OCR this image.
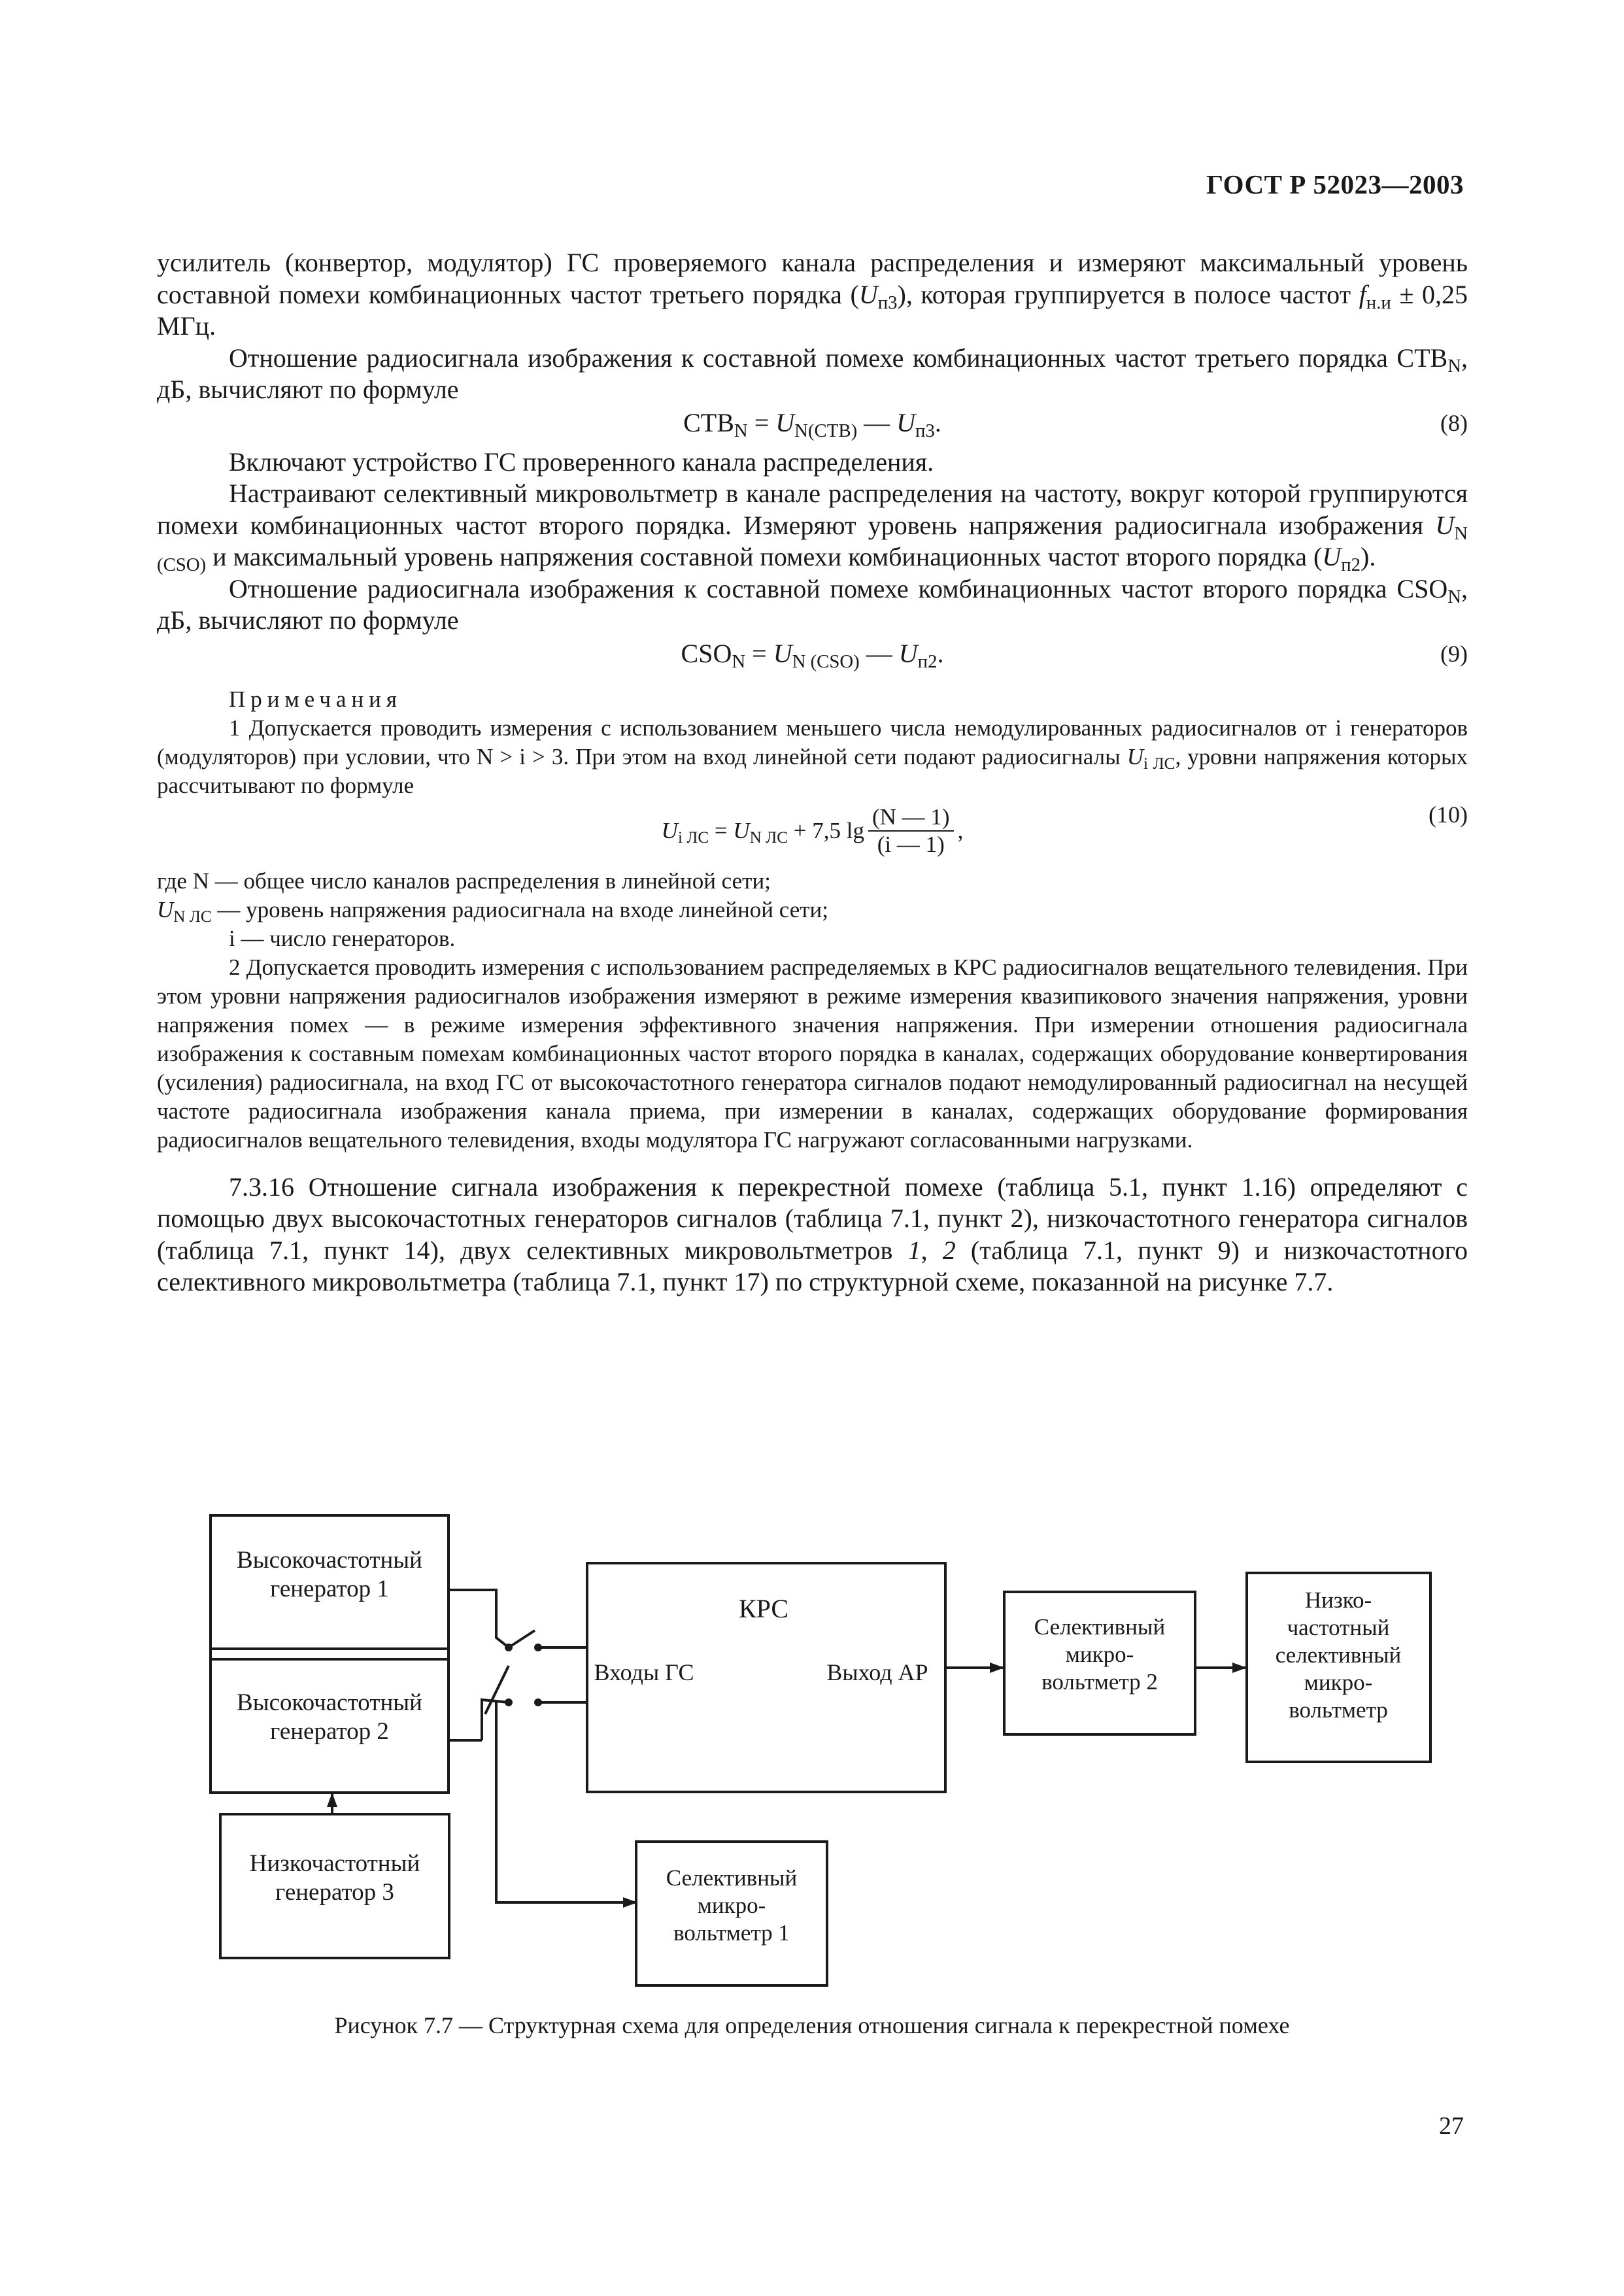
ГОСТ Р 52023—2003

усилитель (конвертор, модулятор) ГС проверяемого канала распределения и измеряют максимальный уровень составной помехи комбинационных частот третьего порядка $(U_{п3})$, которая группируется в полосе частот $f_{н.и} \pm 0,25$ МГц.

Отношение радиосигнала изображения к составной помехе комбинационных частот третьего порядка $СТВ_N$, дБ, вычисляют по формуле

$СТВ_N = U_{N(СТВ)}$ — $U_{п3}$.	(8)

Включают устройство ГС проверенного канала распределения.

Настраивают селективный микровольтметр в канале распределения на частоту, вокруг которой группируются помехи комбинационных частот второго порядка. Измеряют уровень напряжения радиосигнала изображения $U_{N (CSO)}$ и максимальный уровень напряжения составной помехи комбинационных частот второго порядка $(U_{п2})$.

Отношение радиосигнала изображения к составной помехе комбинационных частот второго порядка $CSO_N$, дБ, вычисляют по формуле

$CSO_N = U_{N (CSO)}$ — $U_{п2}$.	(9)

Примечания

1 Допускается проводить измерения с использованием меньшего числа немодулированных радиосигналов от i генераторов (модуляторов) при условии, что N > i > 3. При этом на вход линейной сети подают радиосигналы $U_{i ЛС}$, уровни напряжения которых рассчитывают по формуле

$U_{i ЛС} = U_{N ЛС} + 7,5$ $\lg \frac{(N — 1)}{(i — 1)}$ ,
(10)

где N — общее число каналов распределения в линейной сети;

$U_{N ЛС}$ — уровень напряжения радиосигнала на входе линейной сети;

i — число генераторов.

2 Допускается проводить измерения с использованием распределяемых в КРС радиосигналов вещательного телевидения. При этом уровни напряжения радиосигналов изображения измеряют в режиме измерения квазипикового значения напряжения, уровни напряжения помех — в режиме измерения эффективного значения напряжения. При измерении отношения радиосигнала изображения к составным помехам комбинационных частот второго порядка в каналах, содержащих оборудование конвертирования (усиления) радиосигнала, на вход ГС от высокочастотного генератора сигналов подают немодулированный радиосигнал на несущей частоте радиосигнала изображения канала приема, при измерении в каналах, содержащих оборудование формирования радиосигналов вещательного телевидения, входы модулятора ГС нагружают согласованными нагрузками.

7.3.16 Отношение сигнала изображения к перекрестной помехе (таблица 5.1, пункт 1.16) определяют с помощью двух высокочастотных генераторов сигналов (таблица 7.1, пункт 2), низкочастотного генератора сигналов (таблица 7.1, пункт 14), двух селективных микровольтметров 1, 2 (таблица 7.1, пункт 9) и низкочастотного селективного микровольтметра (таблица 7.1, пункт 17) по структурной схеме, показанной на рисунке 7.7.

Высокочастотный
генератор 1
Высокочастотный
генератор 2
Низкочастотный
генератор 3
КРС
Входы ГС	Выход АР
Селективный
микро-
вольтметр 2
Низко-
частотный
селективный
микро-
вольтметр
Селективный
микро-
вольтметр 1
Рисунок 7.7 — Структурная схема для определения отношения сигнала к перекрестной помехе
27
